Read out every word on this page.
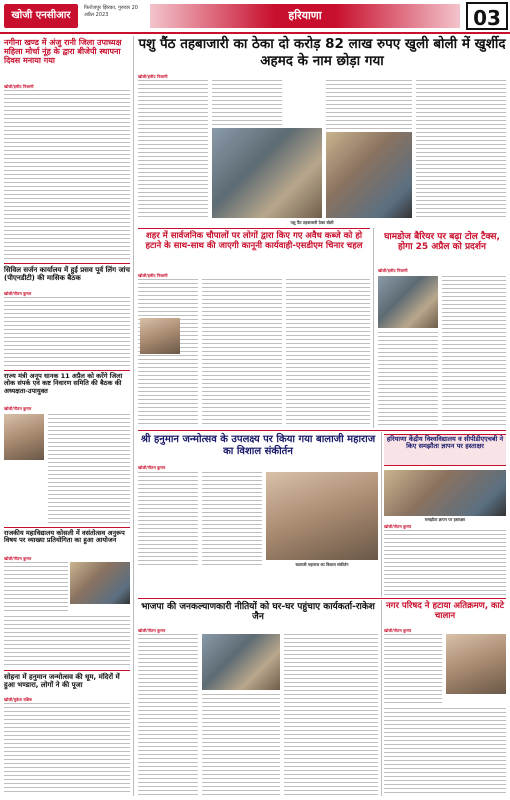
खोजी एनसीआर
फिरोजपुर झिरका, गुरुवार 20 अप्रैल 2023	हरियाणा	03
नगीना खण्ड में अंजु रानी जिला उपाध्यक्ष महिला मोर्चा नूंह के द्वारा बीजेपी स्थापना दिवस मनाया गया
खोजी/हमीद निजामी
सिविल सर्जन कार्यालय में हुई प्रसव पूर्व लिंग जांच (पीएनडीटी) की मासिक बैठक
खोजी/गौतम कुमार
राज्य मंत्री अनूप धानक 11 अप्रैल को करेंगे जिला लोक संपर्क एवं कष्ट निवारण समिति की बैठक की अध्यक्षता-उपायुक्त
खोजी/गौतम कुमार
राजकीय महाविद्यालय कोसली में वसंतोत्सव अनुरूप विषय पर व्याख्या प्रतियोगिता का हुआ आयोजन
खोजी/गौतम कुमार
सोहना में हनुमान जन्मोत्सव की धूम, मंदिरों में हुआ भण्डारा, लोगों ने की पूजा
खोजी/मुकेश वशिष्ठ
पशु पैंठ तहबाजारी का ठेका दो करोड़ 82 लाख रुपए खुली बोली में खुर्शीद अहमद के नाम छोड़ा गया
खोजी/हमीद निजामी
पशु पैंठ तहबाजारी ठेका बोली
शहर में सार्वजनिक चौपालों पर लोगों द्वारा किए गए अवैध कब्जे को हो हटाने के साथ-साथ की जाएगी कानूनी कार्यवाही-एसडीएम चिनार चहल
खोजी/हमीद निजामी
घामडोज बैरियर पर बढ़ा टोल टैक्स, होगा 25 अप्रैल को प्रदर्शन
खोजी/हमीद निजामी
श्री हनुमान जन्मोत्सव के उपलक्ष्य पर किया गया बालाजी महाराज का विशाल संकीर्तन
खोजी/गौतम कुमार
बालाजी महाराज का विशाल संकीर्तन
हरियाणा केंद्रीय विश्वविद्यालय व सीपीडीएएचबी ने किए समझौता ज्ञापन पर हस्ताक्षर
समझौता ज्ञापन पर हस्ताक्षर
खोजी/गौतम कुमार
भाजपा की जनकल्याणकारी नीतियों को घर-घर पहुंचाए कार्यकर्ता-राकेश जैन
खोजी/गौतम कुमार
नगर परिषद ने हटाया अतिक्रमण, काटे चालान
खोजी/गौतम कुमार
